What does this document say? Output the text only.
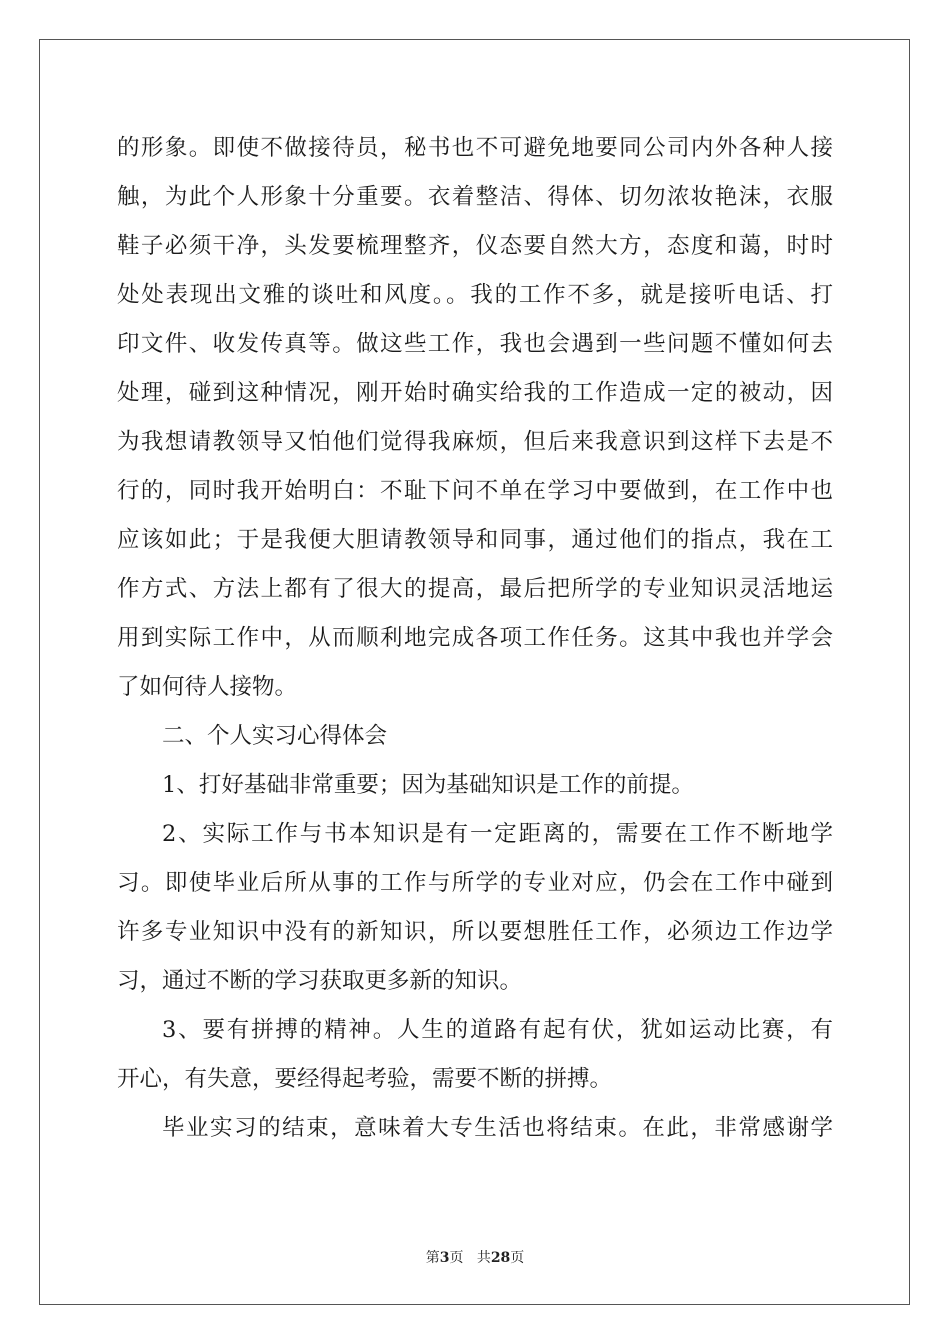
的形象。即使不做接待员，秘书也不可避免地要同公司内外各种人接
触，为此个人形象十分重要。衣着整洁、得体、切勿浓妆艳沫，衣服
鞋子必须干净，头发要梳理整齐，仪态要自然大方，态度和蔼，时时
处处表现出文雅的谈吐和风度。。我的工作不多，就是接听电话、打
印文件、收发传真等。做这些工作，我也会遇到一些问题不懂如何去
处理，碰到这种情况，刚开始时确实给我的工作造成一定的被动，因
为我想请教领导又怕他们觉得我麻烦，但后来我意识到这样下去是不
行的，同时我开始明白：不耻下问不单在学习中要做到，在工作中也
应该如此；于是我便大胆请教领导和同事，通过他们的指点，我在工
作方式、方法上都有了很大的提高，最后把所学的专业知识灵活地运
用到实际工作中，从而顺利地完成各项工作任务。这其中我也并学会
了如何待人接物。
二、个人实习心得体会
1、打好基础非常重要；因为基础知识是工作的前提。
2、实际工作与书本知识是有一定距离的，需要在工作不断地学
习。即使毕业后所从事的工作与所学的专业对应，仍会在工作中碰到
许多专业知识中没有的新知识，所以要想胜任工作，必须边工作边学
习，通过不断的学习获取更多新的知识。
3、要有拼搏的精神。人生的道路有起有伏，犹如运动比赛，有
开心，有失意，要经得起考验，需要不断的拼搏。
毕业实习的结束，意味着大专生活也将结束。在此，非常感谢学
第3页 共28页
